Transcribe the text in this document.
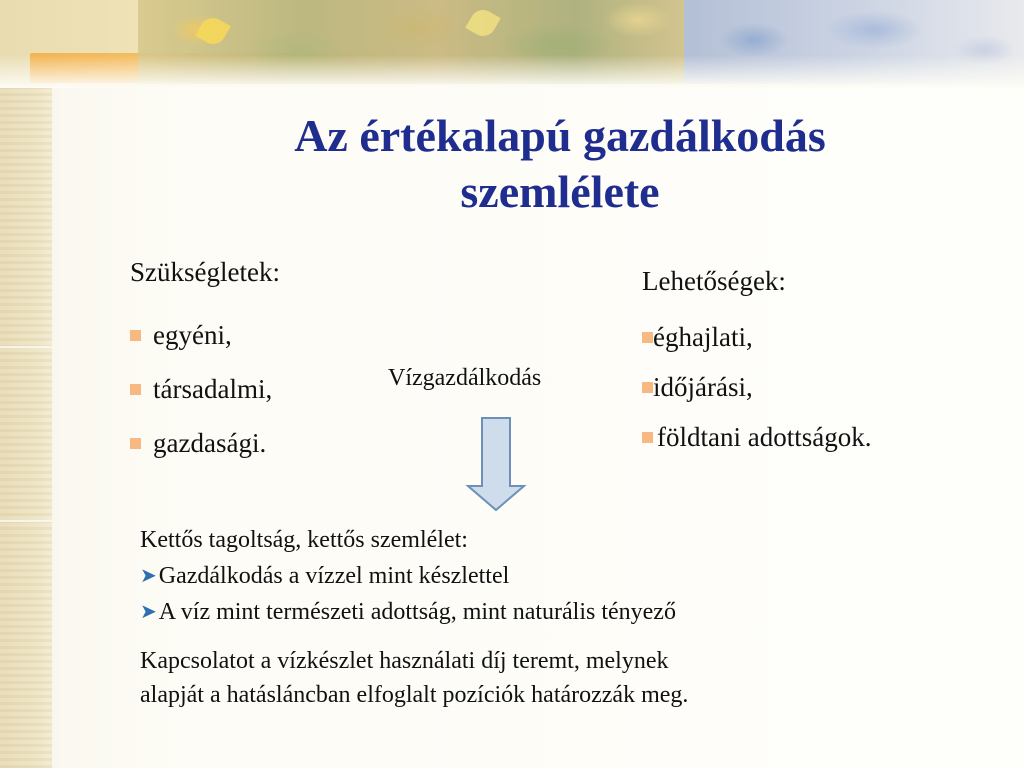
Az értékalapú gazdálkodás
szemlélete
Szükségletek:
egyéni,
társadalmi,
gazdasági.
Vízgazdálkodás
Lehetőségek:
éghajlati,
időjárási,
földtani adottságok.
Kettős tagoltság, kettős szemlélet:
➤ Gazdálkodás a vízzel mint készlettel
➤ A víz mint természeti adottság, mint naturális tényező
Kapcsolatot a vízkészlet használati díj teremt, melynek
alapját a hatásláncban elfoglalt pozíciók határozzák meg.
